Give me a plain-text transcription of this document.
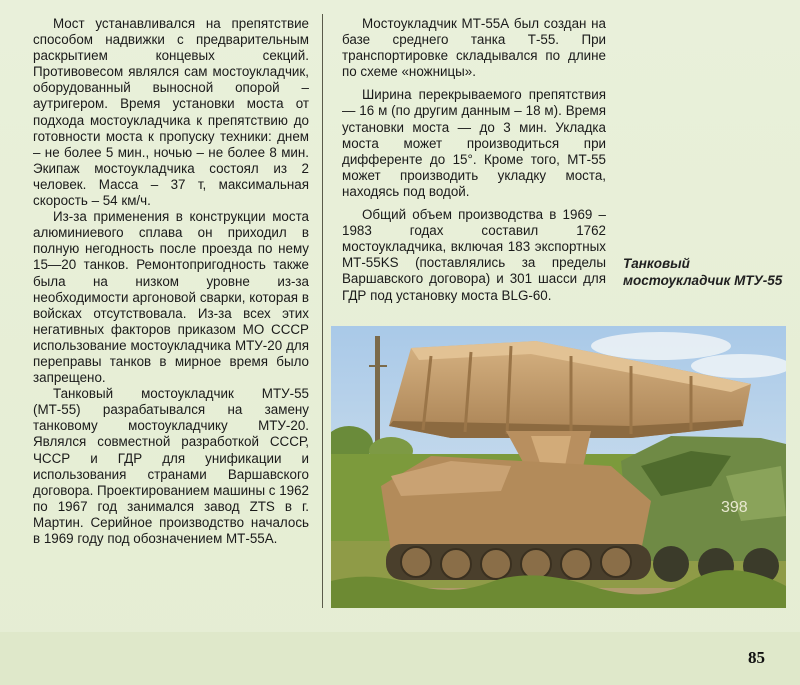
Мост устанавливался на препятствие способом надвижки с предварительным раскрытием концевых секций. Противовесом являлся сам мостоукладчик, оборудованный выносной опорой – аутригером. Время установки моста от подхода мостоукладчика к препятствию до готовности моста к пропуску техники: днем – не более 5 мин., ночью – не более 8 мин. Экипаж мостоукладчика состоял из 2 человек. Масса – 37 т, максимальная скорость – 54 км/ч.

Из-за применения в конструкции моста алюминиевого сплава он приходил в полную негодность после проезда по нему 15—20 танков. Ремонтопригодность также была на низком уровне из-за необходимости аргоновой сварки, которая в войсках отсутствовала. Из-за всех этих негативных факторов приказом МО СССР использование мостоукладчика МТУ-20 для переправы танков в мирное время было запрещено.

Танковый мостоукладчик МТУ-55 (МТ-55) разрабатывался на замену танковому мостоукладчику МТУ-20. Являлся совместной разработкой СССР, ЧССР и ГДР для унификации и использования странами Варшавского договора. Проектированием машины с 1962 по 1967 год занимался завод ZTS в г. Мартин. Серийное производство началось в 1969 году под обозначением МТ-55А.

Мостоукладчик МТ-55А был создан на базе среднего танка Т-55. При транспортировке складывался по длине по схеме «ножницы».

Ширина перекрываемого препятствия — 16 м (по другим данным – 18 м). Время установки моста — до 3 мин. Укладка моста может производиться при дифференте до 15°. Кроме того, МТ-55 может производить укладку моста, находясь под водой.

Общий объем производства в 1969 – 1983 годах составил 1762 мостоукладчика, включая 183 экспортных МТ-55KS (поставлялись за пределы Варшавского договора) и 301 шасси для ГДР под установку моста BLG-60.

Танковый мостоукладчик МТУ-55
398
85
